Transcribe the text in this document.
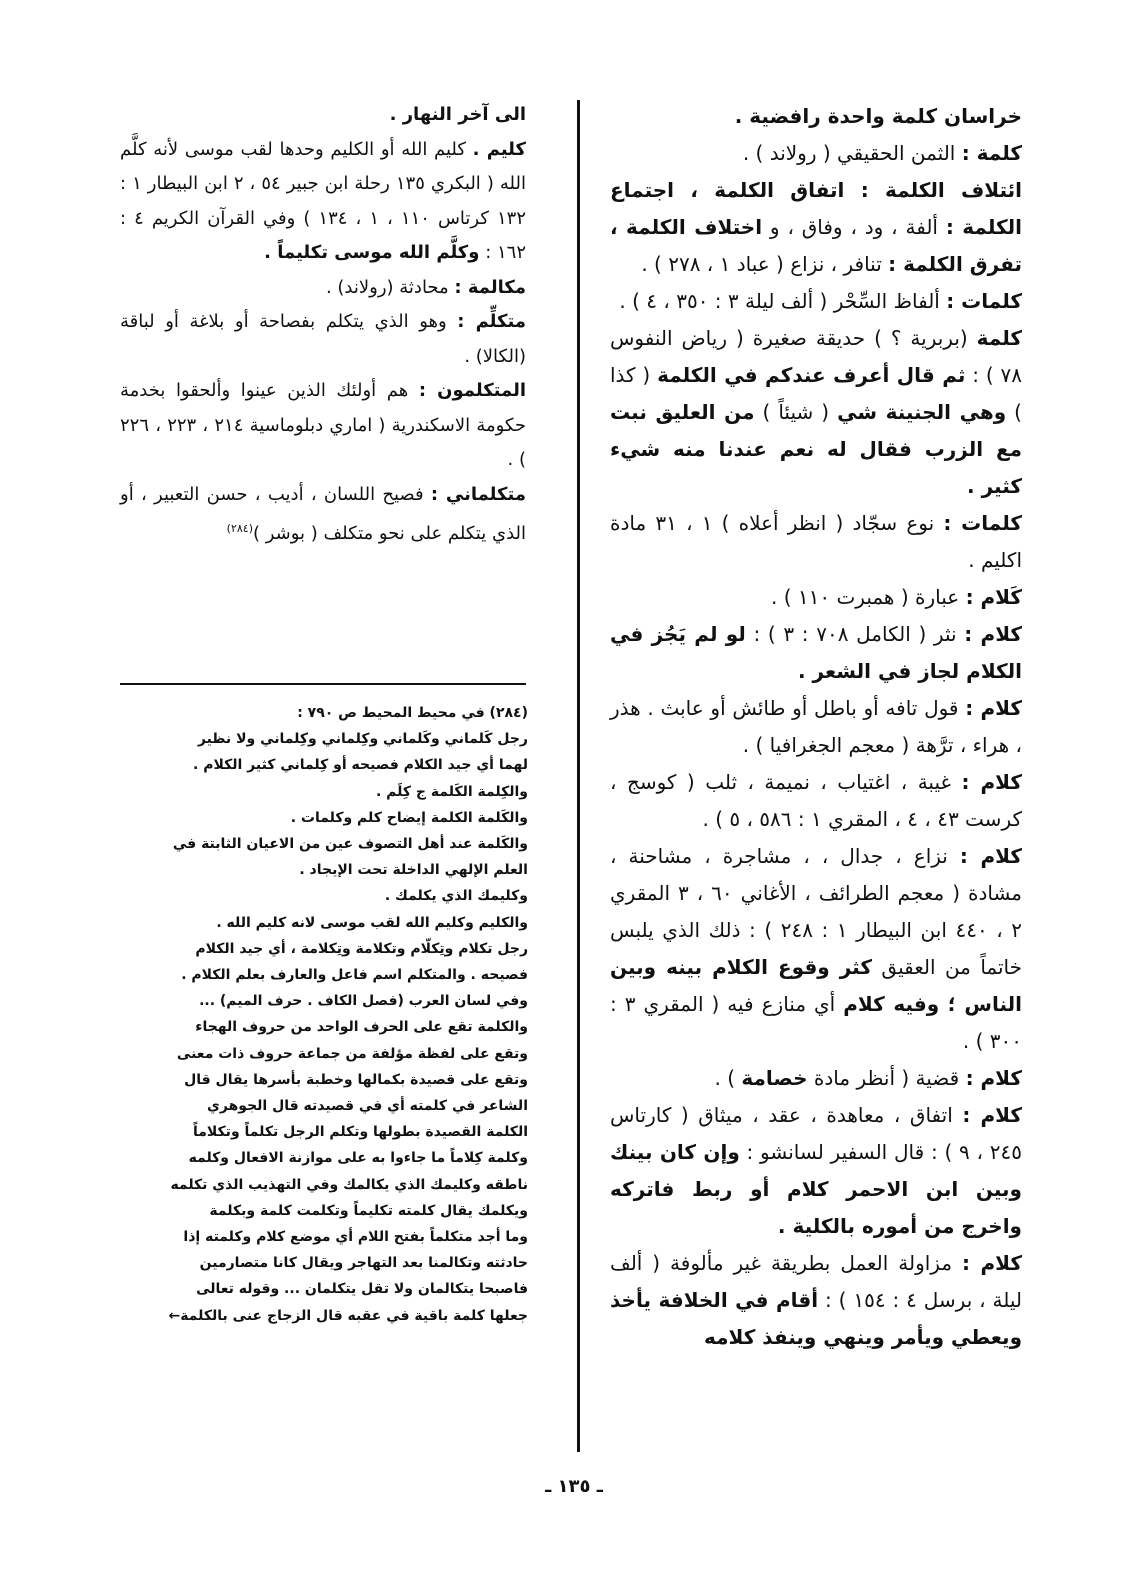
خراسان كلمة واحدة رافضية .

كلمة : الثمن الحقيقي ( رولاند ) .

ائتلاف الكلمة : اتفاق الكلمة ، اجتماع الكلمة : ألفة ، ود ، وفاق ، و اختلاف الكلمة ، تفرق الكلمة : تنافر ، نزاع ( عباد ١ ، ٢٧٨ ) .

كلمات : ألفاظ السِّحْر ( ألف ليلة ٣ : ٣٥٠ ، ٤ ) .

كلمة (بربرية ؟ ) حديقة صغيرة ( رياض النفوس ٧٨ ) : ثم قال أعرف عندكم في الكلمة ( كذا ) وهي الجنينة شي ( شيئاً ) من العليق نبت مع الزرب فقال له نعم عندنا منه شيء كثير .

كلمات : نوع سجّاد ( انظر أعلاه ) ١ ، ٣١ مادة اكليم .

كَلام : عبارة ( همبرت ١١٠ ) .

كلام : نثر ( الكامل ٧٠٨ : ٣ ) : لو لم يَجُز في الكلام لجاز في الشعر .

كلام : قول تافه أو باطل أو طائش أو عابث . هذر ، هراء ، ترَّهة ( معجم الجغرافيا ) .

كلام : غيبة ، اغتياب ، نميمة ، ثلب ( كوسج ، كرست ٤٣ ، ٤ ، المقري ١ : ٥٨٦ ، ٥ ) .

كلام : نزاع ، جدال ، ، مشاجرة ، مشاحنة ، مشادة ( معجم الطرائف ، الأغاني ٦٠ ، ٣ المقري ٢ ، ٤٤٠ ابن البيطار ١ : ٢٤٨ ) : ذلك الذي يلبس خاتماً من العقيق كثر وقوع الكلام بينه وبين الناس ؛ وفيه كلام أي منازع فيه ( المقري ٣ : ٣٠٠ ) .

كلام : قضية ( أنظر مادة خصامة ) .

كلام : اتفاق ، معاهدة ، عقد ، ميثاق ( كارتاس ٢٤٥ ، ٩ ) : قال السفير لسانشو : وإن كان بينك وبين ابن الاحمر كلام أو ربط فاتركه واخرج من أموره بالكلية .

كلام : مزاولة العمل بطريقة غير مألوفة ( ألف ليلة ، برسل ٤ : ١٥٤ ) : أقام في الخلافة يأخذ ويعطي ويأمر وينهي وينفذ كلامه

الى آخر النهار .

كليم . كليم الله أو الكليم وحدها لقب موسى لأنه كلَّم الله ( البكري ١٣٥ رحلة ابن جبير ٥٤ ، ٢ ابن البيطار ١ : ١٣٢ كرتاس ١١٠ ، ١ ، ١٣٤ ) وفي القرآن الكريم ٤ : ١٦٢ : وكلَّم الله موسى تكليماً .

مكالمة : محادثة (رولاند) .

متكلِّم : وهو الذي يتكلم بفصاحة أو بلاغة أو لباقة (الكالا) .

المتكلمون : هم أولئك الذين عينوا وألحقوا بخدمة حكومة الاسكندرية ( اماري دبلوماسية ٢١٤ ، ٢٢٣ ، ٢٢٦ ) .

متكلماني : فصيح اللسان ، أديب ، حسن التعبير ، أو الذي يتكلم على نحو متكلف ( بوشر )$^{(٢٨٤)}$

(٢٨٤) في محيط المحيط ص ٧٩٠ :

رجل كَلماني وكَلماني وكِلماني وكِلماني ولا نظير

لهما أي جيد الكلام فصيحه أو كِلماني كثير الكلام .

والكِلمة الكَلمة ج كِلَم .

والكَلمة الكلمة إيضاح كلم وكلمات .

والكَلمة عند أهل التصوف عين من الاعيان الثابتة في

العلم الإلهي الداخلة تحت الإيجاد .

وكليمك الذي يكلمك .

والكليم وكليم الله لقب موسى لانه كليم الله .

رجل تكلام وتِكلّام وتكلامة وتِكلامة ، أي جيد الكلام

فصيحه . والمتكلم اسم فاعل والعارف بعلم الكلام .

وفي لسان العرب (فصل الكاف . حرف الميم) ...

والكلمة تقع على الحرف الواحد من حروف الهجاء

وتقع على لفظة مؤلفة من جماعة حروف ذات معنى

وتقع على قصيدة بكمالها وخطبة بأسرها يقال قال

الشاعر في كلمته أي في قصيدته قال الجوهري

الكلمة القصيدة بطولها وتكلم الرجل تكلماً وتكلاماً

وكلمة كِلاماً ما جاءوا به على موازنة الافعال وكلمه

ناطقه وكليمك الذي يكالمك وفي التهذيب الذي تكلمه

ويكلمك يقال كلمته تكليماً وتكلمت كلمة وبكلمة

وما أجد متكلماً بفتح اللام أي موضع كلام وكلمته إذا

حادثته وتكالمنا بعد التهاجر ويقال كانا متصارمين

فاصبحا يتكالمان ولا تقل يتكلمان ... وقوله تعالى

جعلها كلمة باقية في عقبه قال الزجاج عنى بالكلمة←

ـ ١٣٥ ـ
